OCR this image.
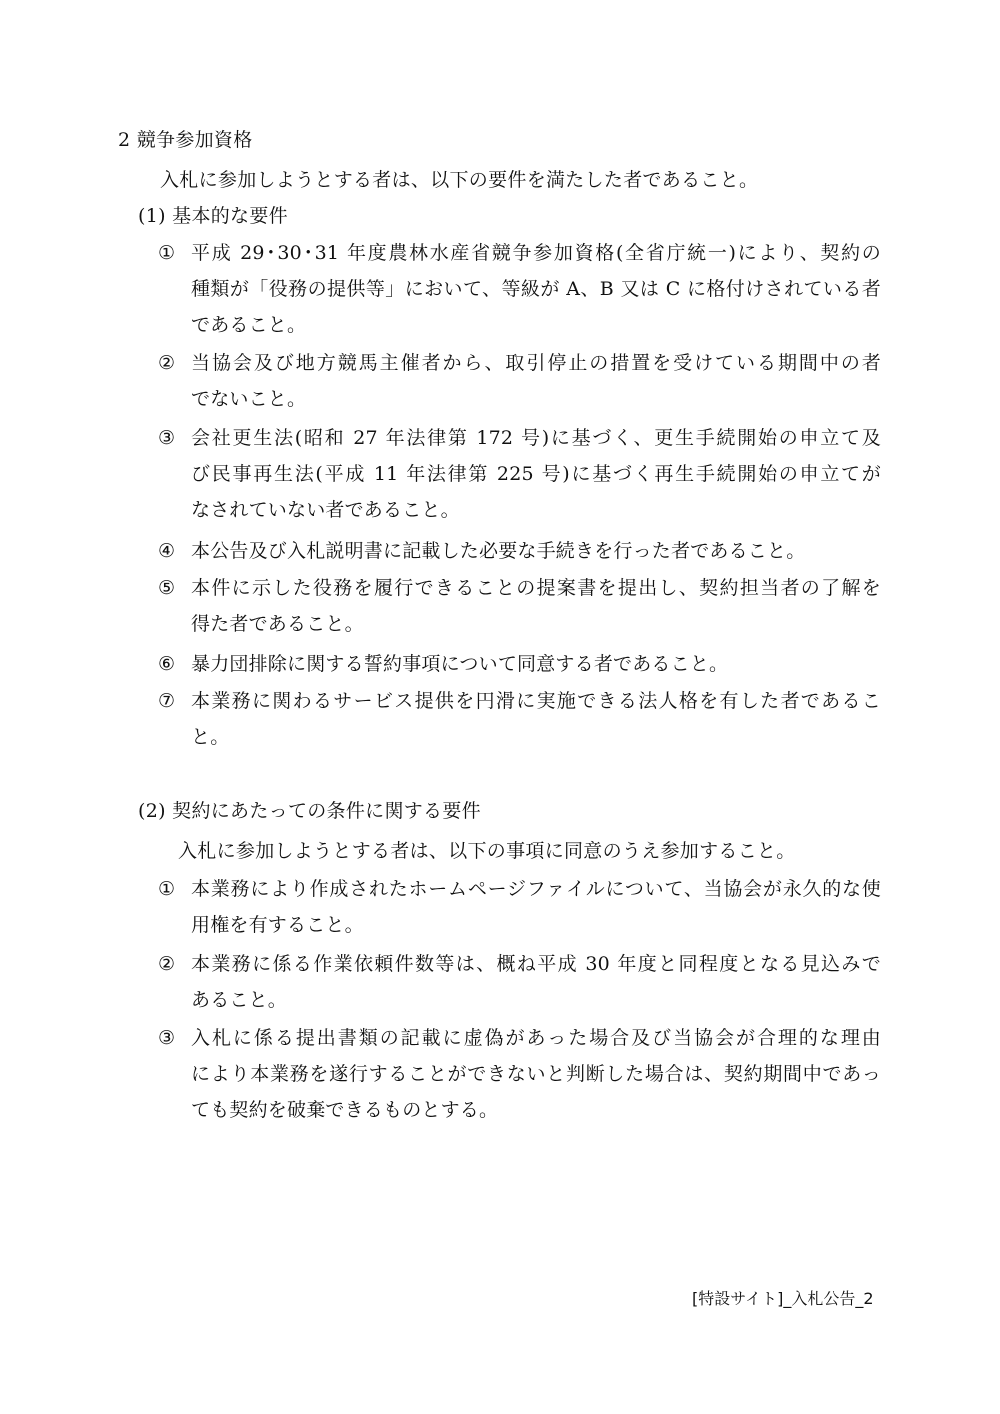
2 競争参加資格
入札に参加しようとする者は、以下の要件を満たした者であること。
(1) 基本的な要件
① 平成 29･30･31 年度農林水産省競争参加資格(全省庁統一)により、契約の
種類が「役務の提供等」において、等級が A、B 又は C に格付けされている者
であること。
② 当協会及び地方競馬主催者から、取引停止の措置を受けている期間中の者
でないこと。
③ 会社更生法(昭和 27 年法律第 172 号)に基づく、更生手続開始の申立て及
び民事再生法(平成 11 年法律第 225 号)に基づく再生手続開始の申立てが
なされていない者であること。
④ 本公告及び入札説明書に記載した必要な手続きを行った者であること。
⑤ 本件に示した役務を履行できることの提案書を提出し、契約担当者の了解を
得た者であること。
⑥ 暴力団排除に関する誓約事項について同意する者であること。
⑦ 本業務に関わるサービス提供を円滑に実施できる法人格を有した者であるこ
と。
(2) 契約にあたっての条件に関する要件
入札に参加しようとする者は、以下の事項に同意のうえ参加すること。
① 本業務により作成されたホームページファイルについて、当協会が永久的な使
用権を有すること。
② 本業務に係る作業依頼件数等は、概ね平成 30 年度と同程度となる見込みで
あること。
③ 入札に係る提出書類の記載に虚偽があった場合及び当協会が合理的な理由
により本業務を遂行することができないと判断した場合は、契約期間中であっ
ても契約を破棄できるものとする。
[特設サイト]_入札公告_2
